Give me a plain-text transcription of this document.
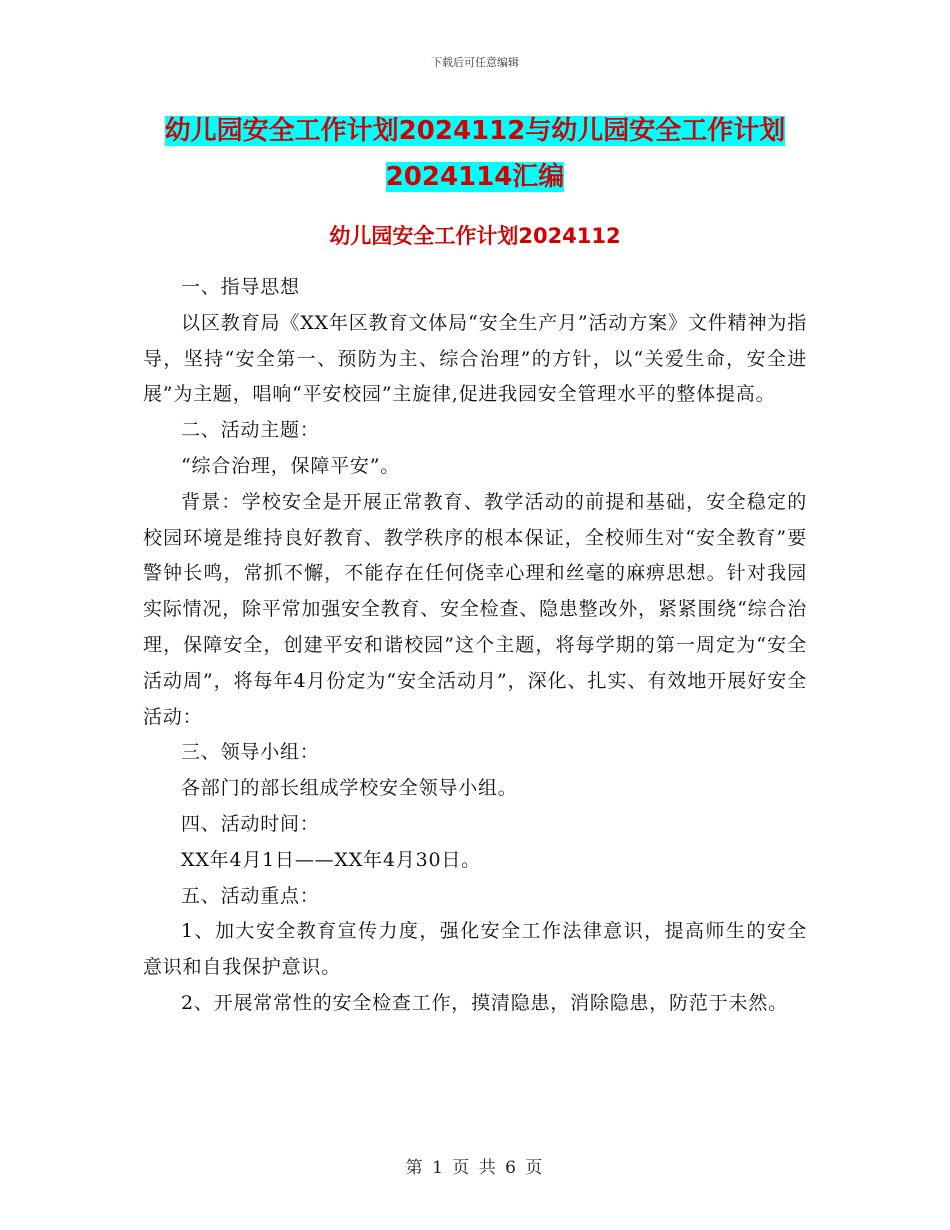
下载后可任意编辑
幼儿园安全工作计划2024112与幼儿园安全工作计划2024114汇编
幼儿园安全工作计划2024112

一、指导思想

以区教育局《XX年区教育文体局“安全生产月”活动方案》文件精神为指导，坚持“安全第一、预防为主、综合治理”的方针，以“关爱生命，安全进展”为主题，唱响“平安校园”主旋律,促进我园安全管理水平的整体提高。

二、活动主题：

“综合治理，保障平安”。

背景：学校安全是开展正常教育、教学活动的前提和基础，安全稳定的校园环境是维持良好教育、教学秩序的根本保证，全校师生对“安全教育”要警钟长鸣，常抓不懈，不能存在任何侥幸心理和丝毫的麻痹思想。针对我园实际情况，除平常加强安全教育、安全检查、隐患整改外，紧紧围绕“综合治理，保障安全，创建平安和谐校园”这个主题，将每学期的第一周定为“安全活动周”，将每年4月份定为“安全活动月”，深化、扎实、有效地开展好安全活动：

三、领导小组：

各部门的部长组成学校安全领导小组。

四、活动时间：

XX年4月1日——XX年4月30日。

五、活动重点：

1、加大安全教育宣传力度，强化安全工作法律意识，提高师生的安全意识和自我保护意识。

2、开展常常性的安全检查工作，摸清隐患，消除隐患，防范于未然。

第 1 页 共 6 页
